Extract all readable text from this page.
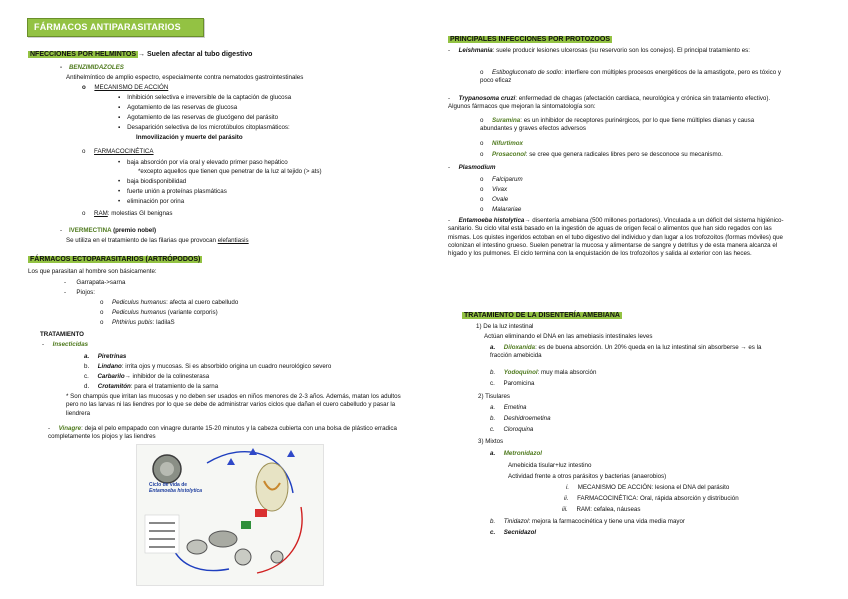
FÁRMACOS ANTIPARASITARIOS
NFECCIONES POR HELMINTOS → Suelen afectar al tubo digestivo
-    BENZIMIDAZOLES
Antihelmíntico de amplio espectro, especialmente contra nematodos gastrointestinales
o     MECANISMO DE ACCIÓN
▪    Inhibición selectiva e irreversible de la captación de glucosa
▪    Agotamiento de las reservas de glucosa
▪    Agotamiento de las reservas de glucógeno del parásito
▪    Desaparición selectiva de los microtúbulos citoplasmáticos:
Inmovilización y muerte del parásito
o     FARMACOCINÉTICA
•    baja absorción por vía oral y elevado primer paso hepático
*excepto aquellos que tienen que penetrar de la luz al tejido (> ats)
•    baja biodisponibilidad
•    fuerte unión a proteínas plasmáticas
•    eliminación por orina
o     RAM: molestias GI benignas
-    IVERMECTINA (premio nobel)
Se utiliza en el tratamiento de las filarias que provocan elefantiasis
FÁRMACOS ECTOPARASITARIOS (ARTRÓPODOS)
Los que parasitan al hombre son básicamente:
-      Garrapata->sarna
-      Piojos:
o     Pediculus humanus: afecta al cuero cabelludo
o     Pediculus humanus (variante corporis)
o     Phthirius pubis: ladilaS
TRATAMIENTO
-     Insecticidas
a. Piretrinas
b. Lindano: irrita ojos y mucosas. Si es absorbido origina un cuadro neurológico severo
c. Carbarilo→ inhibidor de la colinesterasa
d. Crotamitón: para el tratamiento de la sarna
* Son champús que irritan las mucosas y no deben ser usados en niños menores de 2-3 años. Además, matan los adultos pero no las larvas ni las liendres por lo que se debe de administrar varios ciclos que dañan el cuero cabelludo y pasar la liendrera
-     Vinagre: deja el pelo empapado con vinagre durante 15-20 minutos y la cabeza cubierta con una bolsa de plástico erradica completamente los piojos y las liendres
Ciclo de vida de
Entamoeba histolytica
PRINCIPALES INFECCIONES POR PROTOZOOS
-     Leishmania: suele producir lesiones ulcerosas (su reservorio son los conejos). El principal tratamiento es:
o     Estibogluconato de sodio: interfiere con múltiples procesos energéticos de la amastigote, pero es tóxico y poco eficaz
-     Trypanosoma cruzi: enfermedad de chagas (afectación cardiaca, neurológica y crónica sin tratamiento efectivo). Algunos fármacos que mejoran la sintomatología son:
o     Suramina: es un inhibidor de receptores purinérgicos, por lo que tiene múltiples dianas y causa abundantes y graves efectos adversos
o     Nifurtimox
o     Prosaconol: se cree que genera radicales libres pero se desconoce su mecanismo.
-     Plasmodium
o     Falciparum
o     Vivax
o     Ovale
o     Malarariae
-     Entamoeba histolytica→ disentería amebiana (500 millones portadores). Vinculada a un déficit del sistema higiénico-sanitario. Su ciclo vital está basado en la ingestión de aguas de origen fecal o alimentos que han sido regados con las mismas. Los quistes ingeridos ectoban en el tubo digestivo del individuo y dan lugar a los trofozoítos (formas móviles) que colonizan el intestino grueso. Suelen penetrar la mucosa y alimentarse de sangre y detritus y de esta manera alcanza el hígado y los pulmones. El ciclo termina con la enquistación de los trofozoítos y salida al exterior con las heces.
TRATAMIENTO DE LA DISENTERÍA AMEBIANA
1) De la luz intestinal
Actúan eliminando el DNA en las amebiasis intestinales leves
a. Diloxanida: es de buena absorción. Un 20% queda en la luz intestinal sin absorberse → es la fracción amebicida
b. Yodoquinol: muy mala absorción
c. Paromicina
2) Tisulares
a. Emetina
b. Deshidroemetina
c. Cloroquina
3) Mixtos
a. Metronidazol
Amebicida tisular+luz intestino
Actividad frente a otros parásitos y bacterias (anaerobios)
i. MECANISMO DE ACCIÓN: lesiona el DNA del parásito
ii. FARMACOCINÉTICA: Oral, rápida absorción y distribución
iii. RAM: cefalea, náuseas
b. Tinidazol: mejora la farmacocinética y tiene una vida media mayor
c. Secnidazol
